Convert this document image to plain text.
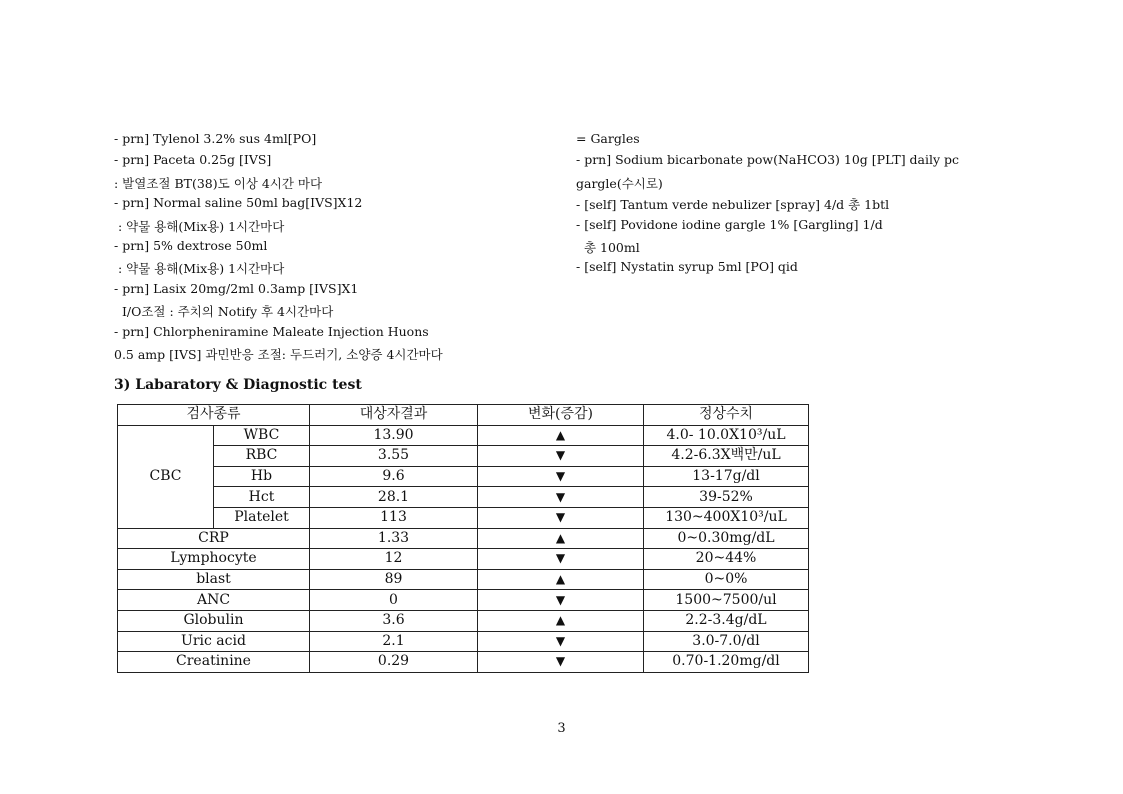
- prn] Tylenol 3.2% sus 4ml[PO]
- prn] Paceta 0.25g [IVS]
: 발열조절 BT(38)도 이상 4시간 마다
- prn] Normal saline 50ml bag[IVS]X12
: 약물 용해(Mix용) 1시간마다
- prn] 5% dextrose 50ml
: 약물 용해(Mix용) 1시간마다
- prn] Lasix 20mg/2ml 0.3amp [IVS]X1
I/O조절 : 주치의 Notify 후 4시간마다
- prn] Chlorpheniramine Maleate Injection Huons
0.5 amp [IVS] 과민반응 조절: 두드러기, 소양증 4시간마다
= Gargles
- prn] Sodium bicarbonate pow(NaHCO3) 10g [PLT] daily pc
gargle(수시로)
- [self] Tantum verde nebulizer [spray] 4/d 총 1btl
- [self] Povidone iodine gargle 1% [Gargling] 1/d
총 100ml
- [self] Nystatin syrup 5ml [PO] qid
3) Labaratory & Diagnostic test
검사종류		대상자결과	변화(증감)	정상수치
CBC	WBC	13.90	▲	4.0- 10.0X10³/uL
	RBC	3.55	▼	4.2-6.3X백만/uL
	Hb	9.6	▼	13-17g/dl
	Hct	28.1	▼	39-52%
	Platelet	113	▼	130~400X10³/uL
CRP		1.33	▲	0~0.30mg/dL
Lymphocyte		12	▼	20~44%
blast		89	▲	0~0%
ANC		0	▼	1500~7500/ul
Globulin		3.6	▲	2.2-3.4g/dL
Uric acid		2.1	▼	3.0-7.0/dl
Creatinine		0.29	▼	0.70-1.20mg/dl
3
